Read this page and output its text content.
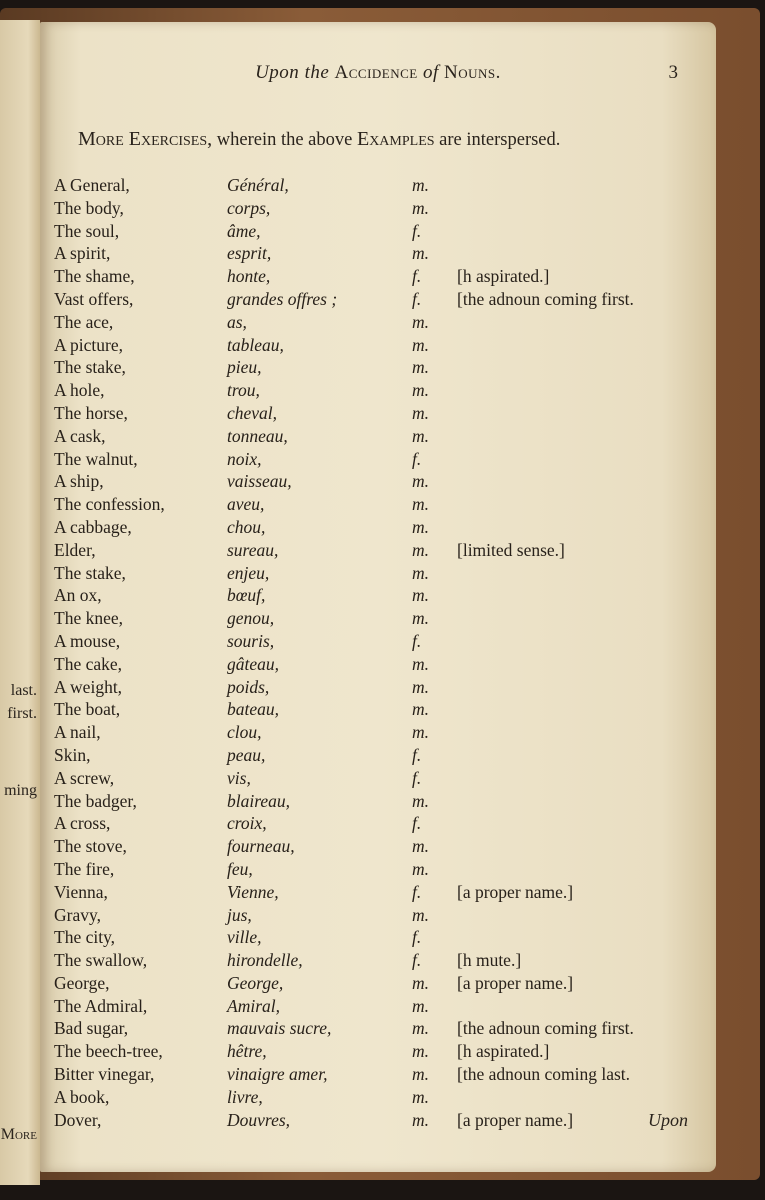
last.
first.
ming
More
Upon the Accidence of Nouns.	3
More Exercises, wherein the above Examples are interspersed.
A General,	Général,	m.
The body,	corps,	m.
The soul,	âme,	f.
A spirit,	esprit,	m.
The shame,	honte,	f. [h aspirated.]
Vast offers,	grandes offres ;	f. [the adnoun coming first.
The ace,	as,	m.
A picture,	tableau,	m.
The stake,	pieu,	m.
A hole,	trou,	m.
The horse,	cheval,	m.
A cask,	tonneau,	m.
The walnut,	noix,	f.
A ship,	vaisseau,	m.
The confession,	aveu,	m.
A cabbage,	chou,	m.
Elder,	sureau,	m. [limited sense.]
The stake,	enjeu,	m.
An ox,	bœuf,	m.
The knee,	genou,	m.
A mouse,	souris,	f.
The cake,	gâteau,	m.
A weight,	poids,	m.
The boat,	bateau,	m.
A nail,	clou,	m.
Skin,	peau,	f.
A screw,	vis,	f.
The badger,	blaireau,	m.
A cross,	croix,	f.
The stove,	fourneau,	m.
The fire,	feu,	m.
Vienna,	Vienne,	f. [a proper name.]
Gravy,	jus,	m.
The city,	ville,	f.
The swallow,	hirondelle,	f. [h mute.]
George,	George,	m. [a proper name.]
The Admiral,	Amiral,	m.
Bad sugar,	mauvais sucre,	m. [the adnoun coming first.
The beech-tree,	hêtre,	m. [h aspirated.]
Bitter vinegar,	vinaigre amer,	m. [the adnoun coming last.
A book,	livre,	m.
Dover,	Douvres,	m. [a proper name.]	Upon
